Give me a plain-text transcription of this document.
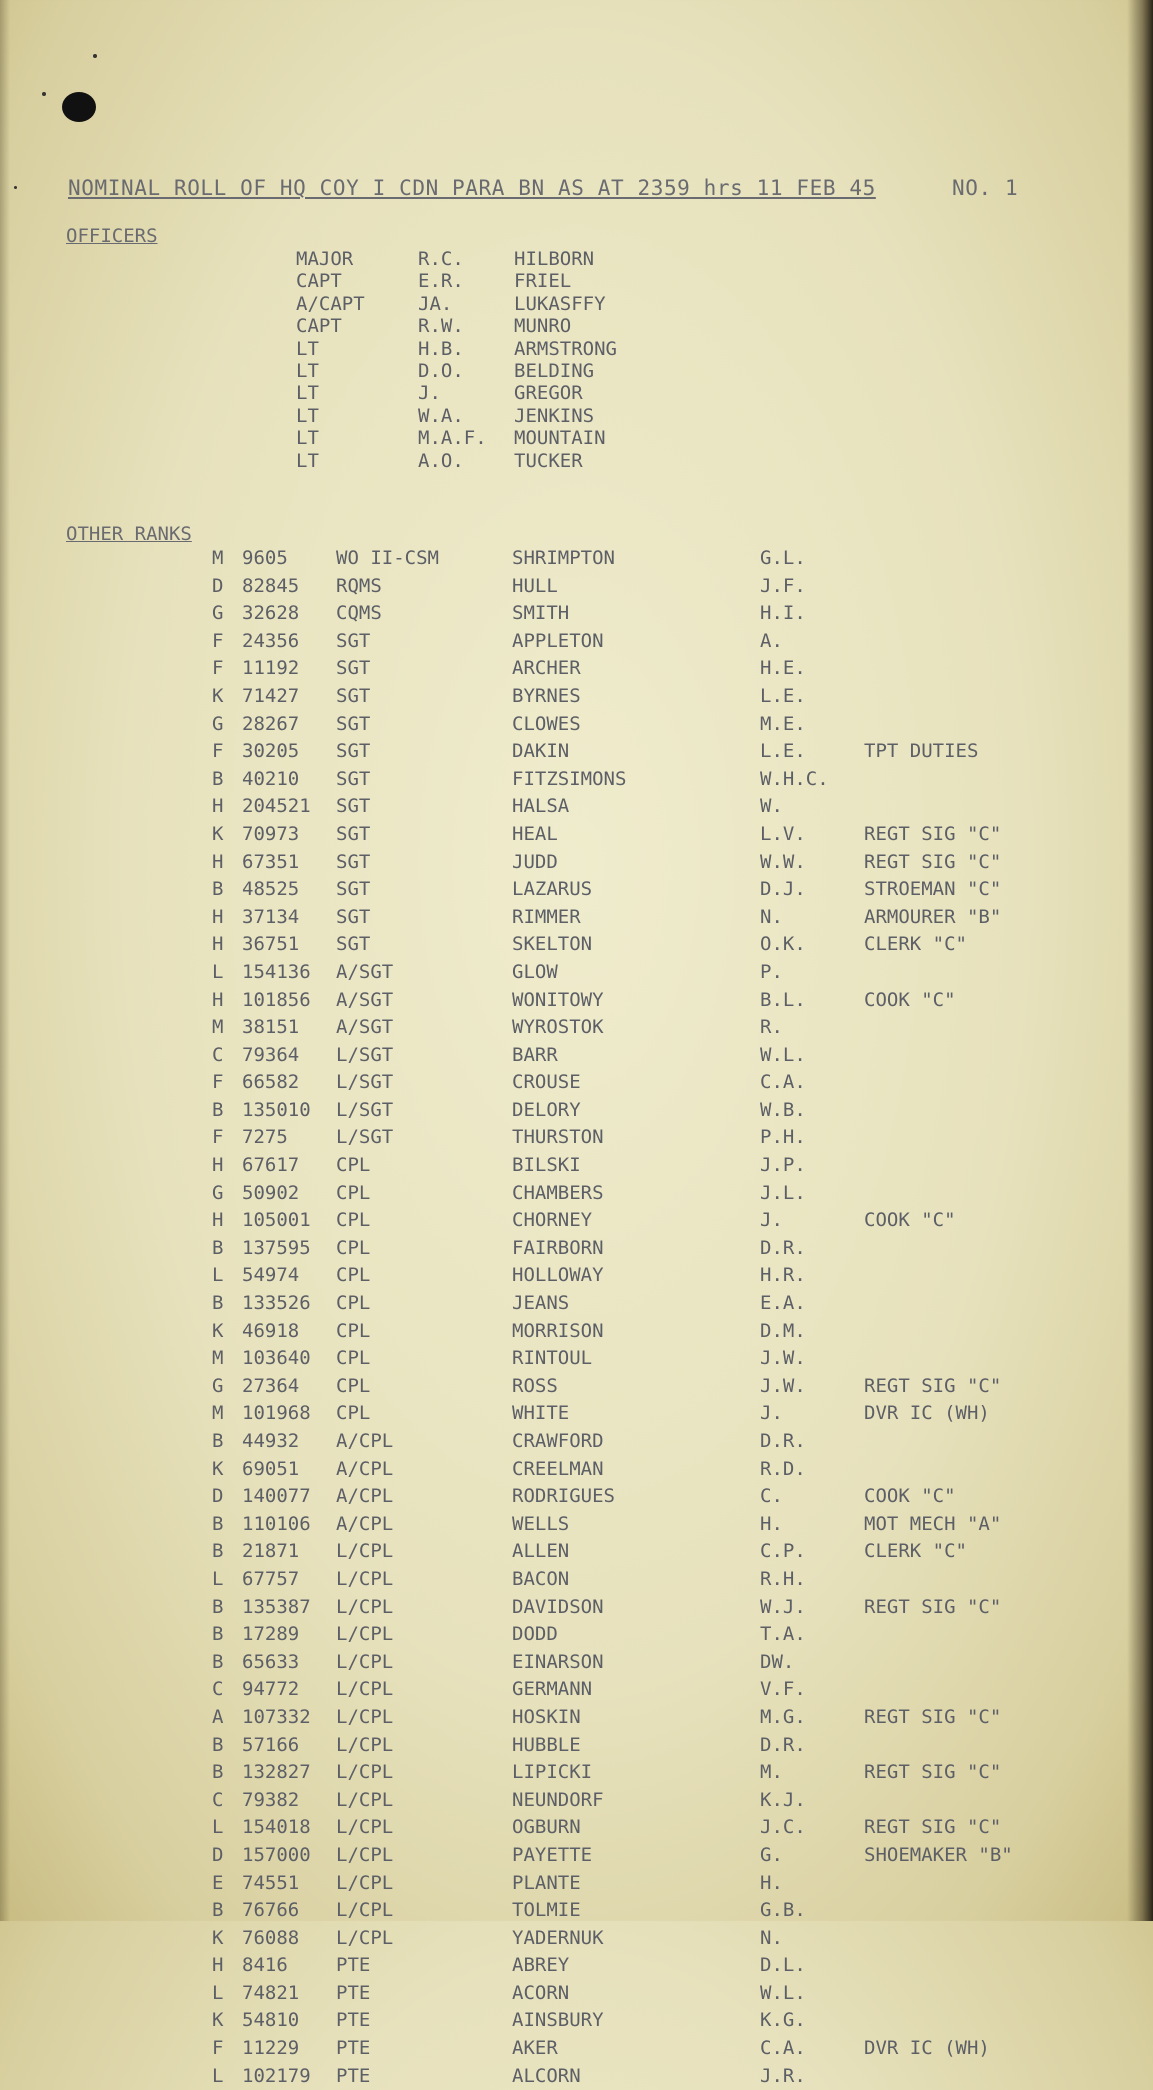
NOMINAL ROLL OF HQ COY I CDN PARA BN AS AT 2359 hrs 11 FEB 45	NO. 1
OFFICERS
MAJOR	R.C.	HILBORN
CAPT	E.R.	FRIEL
A/CAPT	JA.	LUKASFFY
CAPT	R.W.	MUNRO
LT	H.B.	ARMSTRONG
LT	D.O.	BELDING
LT	J.	GREGOR
LT	W.A.	JENKINS
LT	M.A.F. MOUNTAIN
LT	A.O.	TUCKER
OTHER RANKS
M 9605	WO II-CSM	SHRIMPTON	G.L.
D 82845 RQMS	HULL	J.F.
G 32628 CQMS	SMITH	H.I.
F 24356 SGT	APPLETON	A.
F 11192 SGT	ARCHER	H.E.
K 71427 SGT	BYRNES	L.E.
G 28267 SGT	CLOWES	M.E.
F 30205 SGT	DAKIN	L.E.	TPT DUTIES
B 40210 SGT	FITZSIMONS	W.H.C.
H 204521 SGT	HALSA	W.
K 70973 SGT	HEAL	L.V.	REGT SIG "C"
H 67351 SGT	JUDD	W.W.	REGT SIG "C"
B 48525 SGT	LAZARUS	D.J.	STROEMAN "C"
H 37134 SGT	RIMMER	N.	ARMOURER "B"
H 36751 SGT	SKELTON	O.K.	CLERK "C"
L 154136 A/SGT	GLOW	P.
H 101856 A/SGT	WONITOWY	B.L.	COOK "C"
M 38151 A/SGT	WYROSTOK	R.
C 79364 L/SGT	BARR	W.L.
F 66582 L/SGT	CROUSE	C.A.
B 135010 L/SGT	DELORY	W.B.
F 7275	L/SGT	THURSTON	P.H.
H 67617 CPL	BILSKI	J.P.
G 50902 CPL	CHAMBERS	J.L.
H 105001 CPL	CHORNEY	J.	COOK "C"
B 137595 CPL	FAIRBORN	D.R.
L 54974 CPL	HOLLOWAY	H.R.
B 133526 CPL	JEANS	E.A.
K 46918 CPL	MORRISON	D.M.
M 103640 CPL	RINTOUL	J.W.
G 27364 CPL	ROSS	J.W.	REGT SIG "C"
M 101968 CPL	WHITE	J.	DVR IC (WH)
B 44932 A/CPL	CRAWFORD	D.R.
K 69051 A/CPL	CREELMAN	R.D.
D 140077 A/CPL	RODRIGUES	C.	COOK "C"
B 110106 A/CPL	WELLS	H.	MOT MECH "A"
B 21871 L/CPL	ALLEN	C.P.	CLERK "C"
L 67757 L/CPL	BACON	R.H.
B 135387 L/CPL	DAVIDSON	W.J.	REGT SIG "C"
B 17289 L/CPL	DODD	T.A.
B 65633 L/CPL	EINARSON	DW.
C 94772 L/CPL	GERMANN	V.F.
A 107332 L/CPL	HOSKIN	M.G.	REGT SIG "C"
B 57166 L/CPL	HUBBLE	D.R.
B 132827 L/CPL	LIPICKI	M.	REGT SIG "C"
C 79382 L/CPL	NEUNDORF	K.J.
L 154018 L/CPL	OGBURN	J.C.	REGT SIG "C"
D 157000 L/CPL	PAYETTE	G.	SHOEMAKER "B"
E 74551 L/CPL	PLANTE	H.
B 76766 L/CPL	TOLMIE	G.B.
K 76088 L/CPL	YADERNUK	N.
H 8416	PTE	ABREY	D.L.
L 74821 PTE	ACORN	W.L.
K 54810 PTE	AINSBURY	K.G.
F 11229 PTE	AKER	C.A.	DVR IC (WH)
L 102179 PTE	ALCORN	J.R.
